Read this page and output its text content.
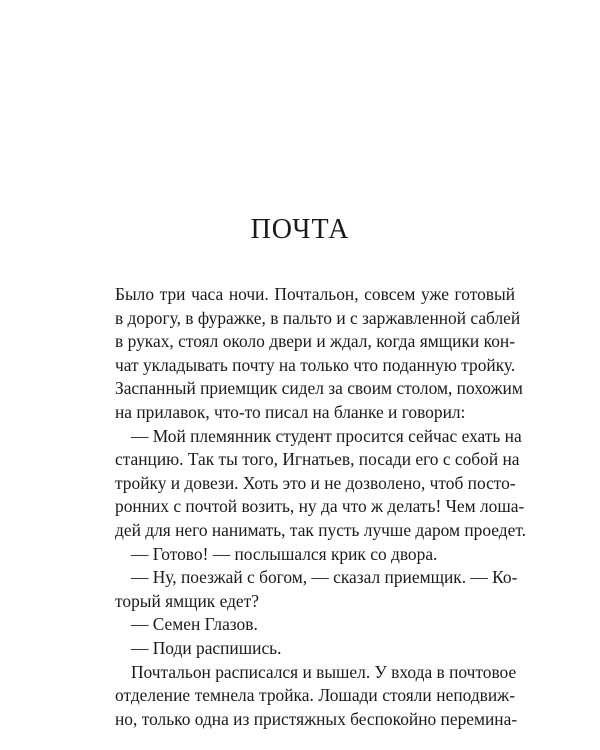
ПОЧТА
Было три часа ночи. Почтальон, совсем уже готовый
в дорогу, в фуражке, в пальто и с заржавленной саблей
в руках, стоял около двери и ждал, когда ямщики кон-
чат укладывать почту на только что поданную тройку.
Заспанный приемщик сидел за своим столом, похожим
на прилавок, что-то писал на бланке и говорил:
— Мой племянник студент просится сейчас ехать на
станцию. Так ты того, Игнатьев, посади его с собой на
тройку и довези. Хоть это и не дозволено, чтоб посто-
ронних с почтой возить, ну да что ж делать! Чем лоша-
дей для него нанимать, так пусть лучше даром проедет.
— Готово! — послышался крик со двора.
— Ну, поезжай с богом, — сказал приемщик. — Ко-
торый ямщик едет?
— Семен Глазов.
— Поди распишись.
Почтальон расписался и вышел. У входа в почтовое
отделение темнела тройка. Лошади стояли неподвиж-
но, только одна из пристяжных беспокойно перемина-
